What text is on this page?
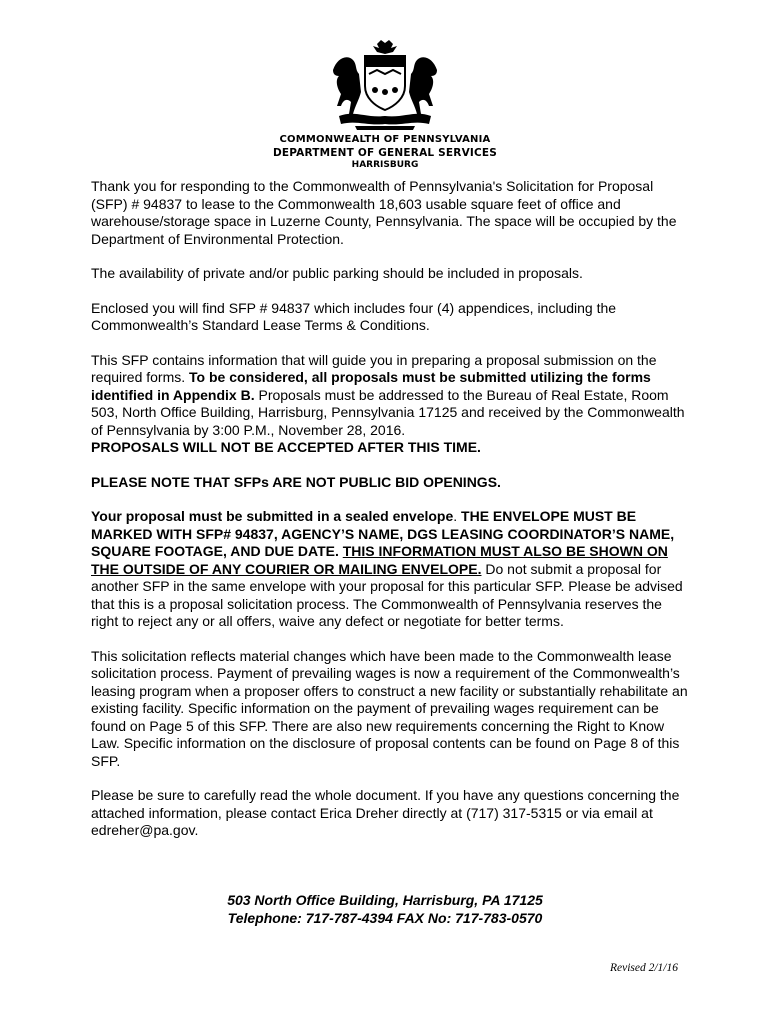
COMMONWEALTH OF PENNSYLVANIA
DEPARTMENT OF GENERAL SERVICES
HARRISBURG

Thank you for responding to the Commonwealth of Pennsylvania's Solicitation for Proposal (SFP) # 94837 to lease to the Commonwealth 18,603 usable square feet of office and warehouse/storage space in Luzerne County, Pennsylvania. The space will be occupied by the Department of Environmental Protection.

The availability of private and/or public parking should be included in proposals.

Enclosed you will find SFP # 94837 which includes four (4) appendices, including the Commonwealth’s Standard Lease Terms & Conditions.

This SFP contains information that will guide you in preparing a proposal submission on the required forms. To be considered, all proposals must be submitted utilizing the forms identified in Appendix B. Proposals must be addressed to the Bureau of Real Estate, Room 503, North Office Building, Harrisburg, Pennsylvania 17125 and received by the Commonwealth of Pennsylvania by 3:00 P.M., November 28, 2016.
PROPOSALS WILL NOT BE ACCEPTED AFTER THIS TIME.

PLEASE NOTE THAT SFPs ARE NOT PUBLIC BID OPENINGS.

Your proposal must be submitted in a sealed envelope. THE ENVELOPE MUST BE MARKED WITH SFP# 94837, AGENCY’S NAME, DGS LEASING COORDINATOR’S NAME, SQUARE FOOTAGE, AND DUE DATE. THIS INFORMATION MUST ALSO BE SHOWN ON THE OUTSIDE OF ANY COURIER OR MAILING ENVELOPE. Do not submit a proposal for another SFP in the same envelope with your proposal for this particular SFP. Please be advised that this is a proposal solicitation process. The Commonwealth of Pennsylvania reserves the right to reject any or all offers, waive any defect or negotiate for better terms.

This solicitation reflects material changes which have been made to the Commonwealth lease solicitation process. Payment of prevailing wages is now a requirement of the Commonwealth’s leasing program when a proposer offers to construct a new facility or substantially rehabilitate an existing facility. Specific information on the payment of prevailing wages requirement can be found on Page 5 of this SFP. There are also new requirements concerning the Right to Know Law. Specific information on the disclosure of proposal contents can be found on Page 8 of this SFP.

Please be sure to carefully read the whole document. If you have any questions concerning the attached information, please contact Erica Dreher directly at (717) 317-5315 or via email at edreher@pa.gov.

503 North Office Building, Harrisburg, PA 17125
Telephone: 717-787-4394 FAX No: 717-783-0570
Revised 2/1/16
